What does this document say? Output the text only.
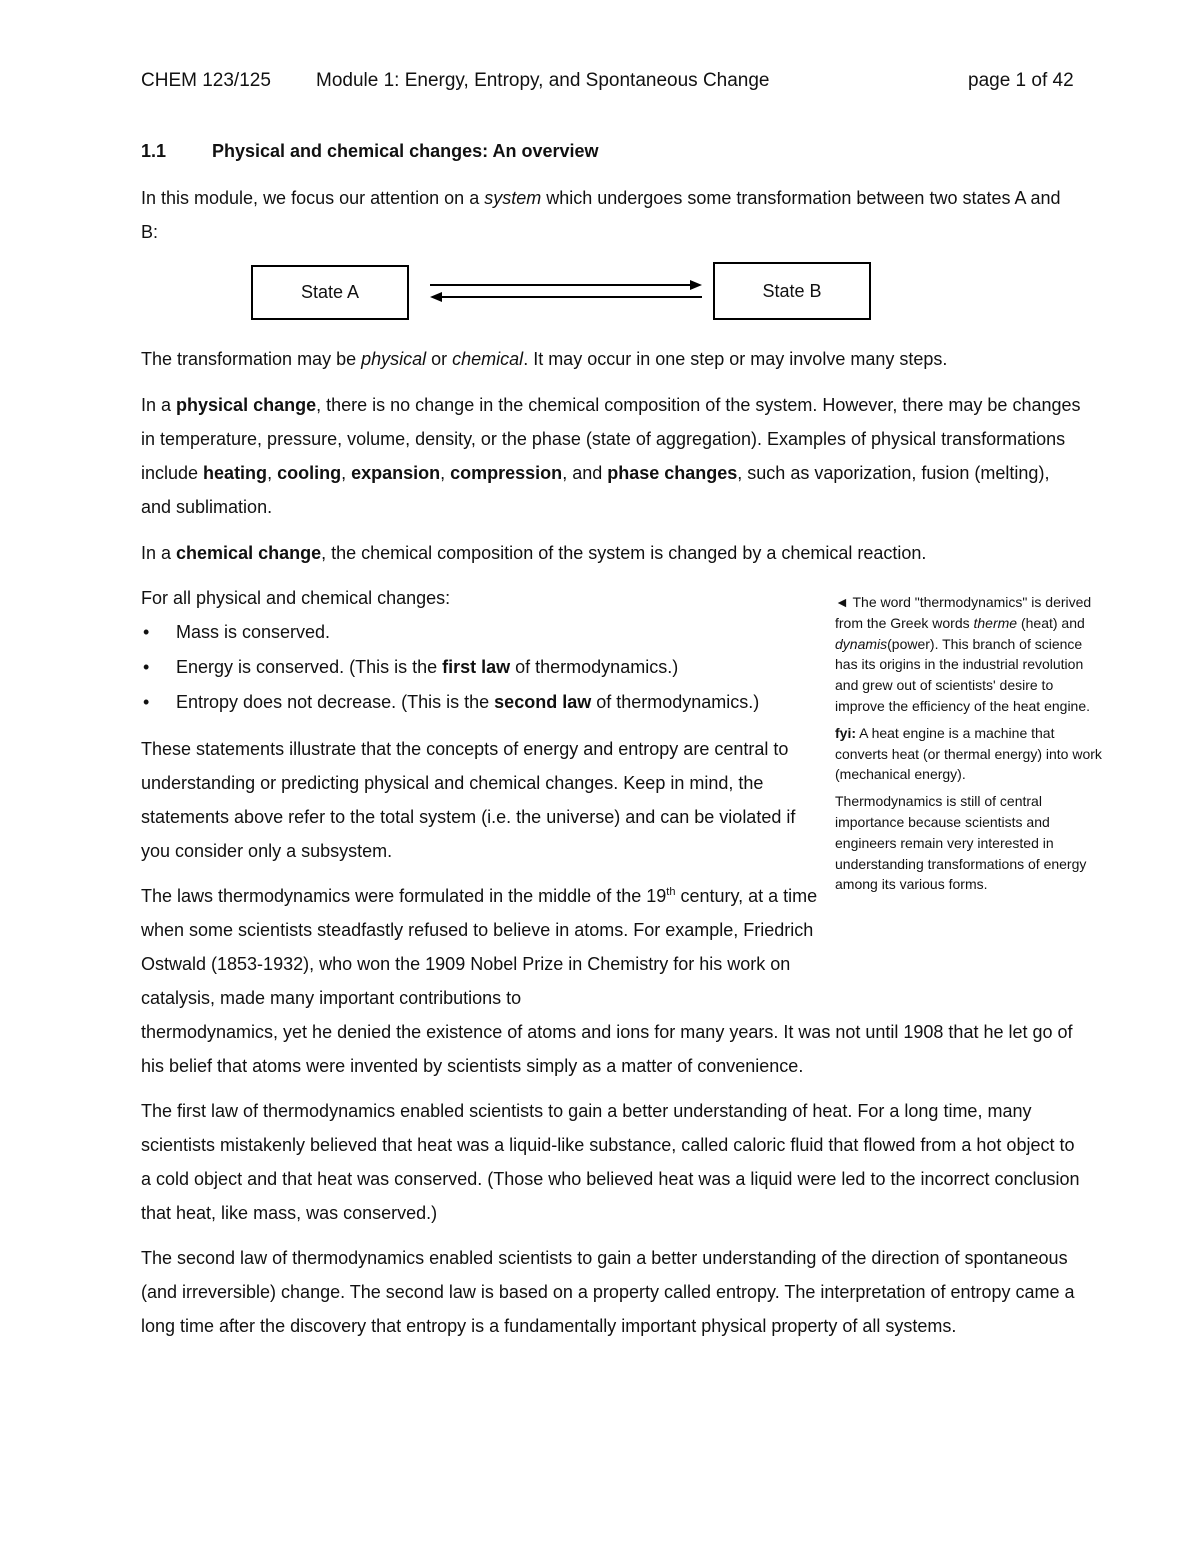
CHEM 123/125 Module 1: Energy, Entropy, and Spontaneous Change	page 1 of 42
1.1	Physical and chemical changes: An overview

In this module, we focus our attention on a system which undergoes some transformation between two states A and B:

State A	State B

The transformation may be physical or chemical. It may occur in one step or may involve many steps.

In a physical change, there is no change in the chemical composition of the system. However, there may be changes in temperature, pressure, volume, density, or the phase (state of aggregation). Examples of physical transformations include heating, cooling, expansion, compression, and phase changes, such as vaporization, fusion (melting), and sublimation.

In a chemical change, the chemical composition of the system is changed by a chemical reaction.

For all physical and chemical changes:

• Mass is conserved.
• Energy is conserved. (This is the first law of thermodynamics.)
• Entropy does not decrease. (This is the second law of thermodynamics.)

These statements illustrate that the concepts of energy and entropy are central to understanding or predicting physical and chemical changes. Keep in mind, the statements above refer to the total system (i.e. the universe) and can be violated if you consider only a subsystem.

The laws thermodynamics were formulated in the middle of the 19th century, at a time when some scientists steadfastly refused to believe in atoms. For example, Friedrich Ostwald (1853-1932), who won the 1909 Nobel Prize in Chemistry for his work on catalysis, made many important contributions to

thermodynamics, yet he denied the existence of atoms and ions for many years. It was not until 1908 that he let go of his belief that atoms were invented by scientists simply as a matter of convenience.

The first law of thermodynamics enabled scientists to gain a better understanding of heat. For a long time, many scientists mistakenly believed that heat was a liquid-like substance, called caloric fluid that flowed from a hot object to a cold object and that heat was conserved. (Those who believed heat was a liquid were led to the incorrect conclusion that heat, like mass, was conserved.)

The second law of thermodynamics enabled scientists to gain a better understanding of the direction of spontaneous (and irreversible) change. The second law is based on a property called entropy. The interpretation of entropy came a long time after the discovery that entropy is a fundamentally important physical property of all systems.

◄ The word "thermodynamics" is derived from the Greek words therme (heat) and dynamis(power). This branch of science has its origins in the industrial revolution and grew out of scientists' desire to improve the efficiency of the heat engine.

fyi: A heat engine is a machine that converts heat (or thermal energy) into work (mechanical energy).

Thermodynamics is still of central importance because scientists and engineers remain very interested in understanding transformations of energy among its various forms.
